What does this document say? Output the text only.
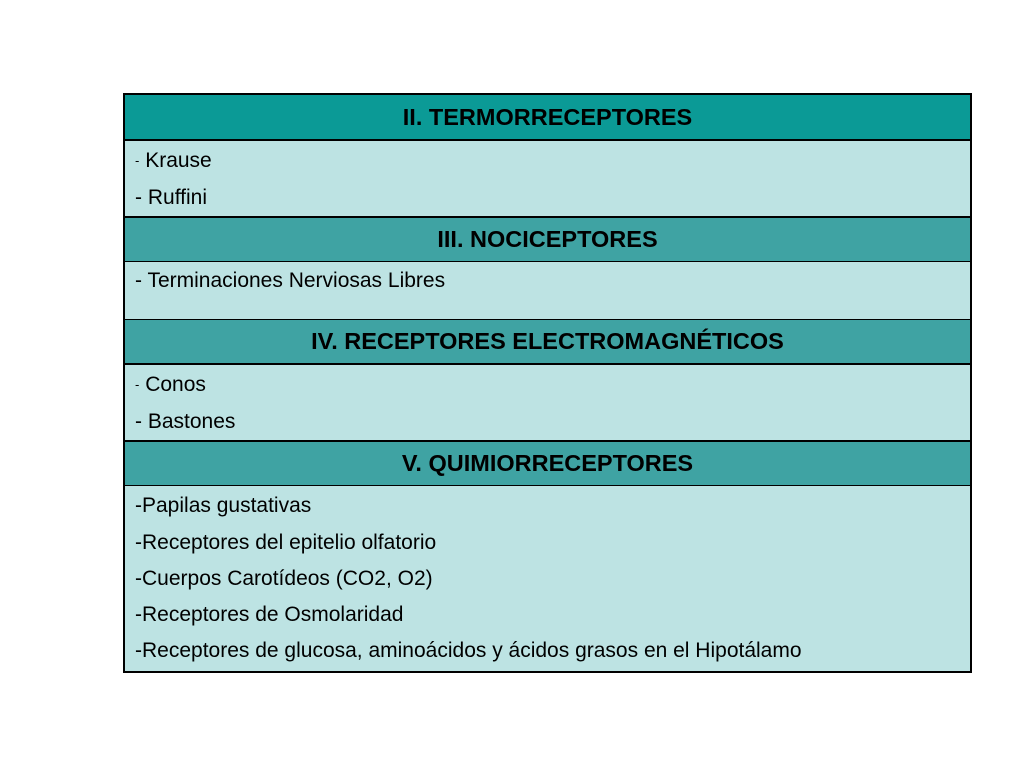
II. TERMORRECEPTORES
- Krause
- Ruffini
III. NOCICEPTORES
- Terminaciones Nerviosas Libres
IV. RECEPTORES ELECTROMAGNÉTICOS
- Conos
- Bastones
V. QUIMIORRECEPTORES
-Papilas gustativas
-Receptores del epitelio olfatorio
-Cuerpos Carotídeos (CO2, O2)
-Receptores de Osmolaridad
-Receptores de glucosa, aminoácidos y ácidos grasos en el Hipotálamo
